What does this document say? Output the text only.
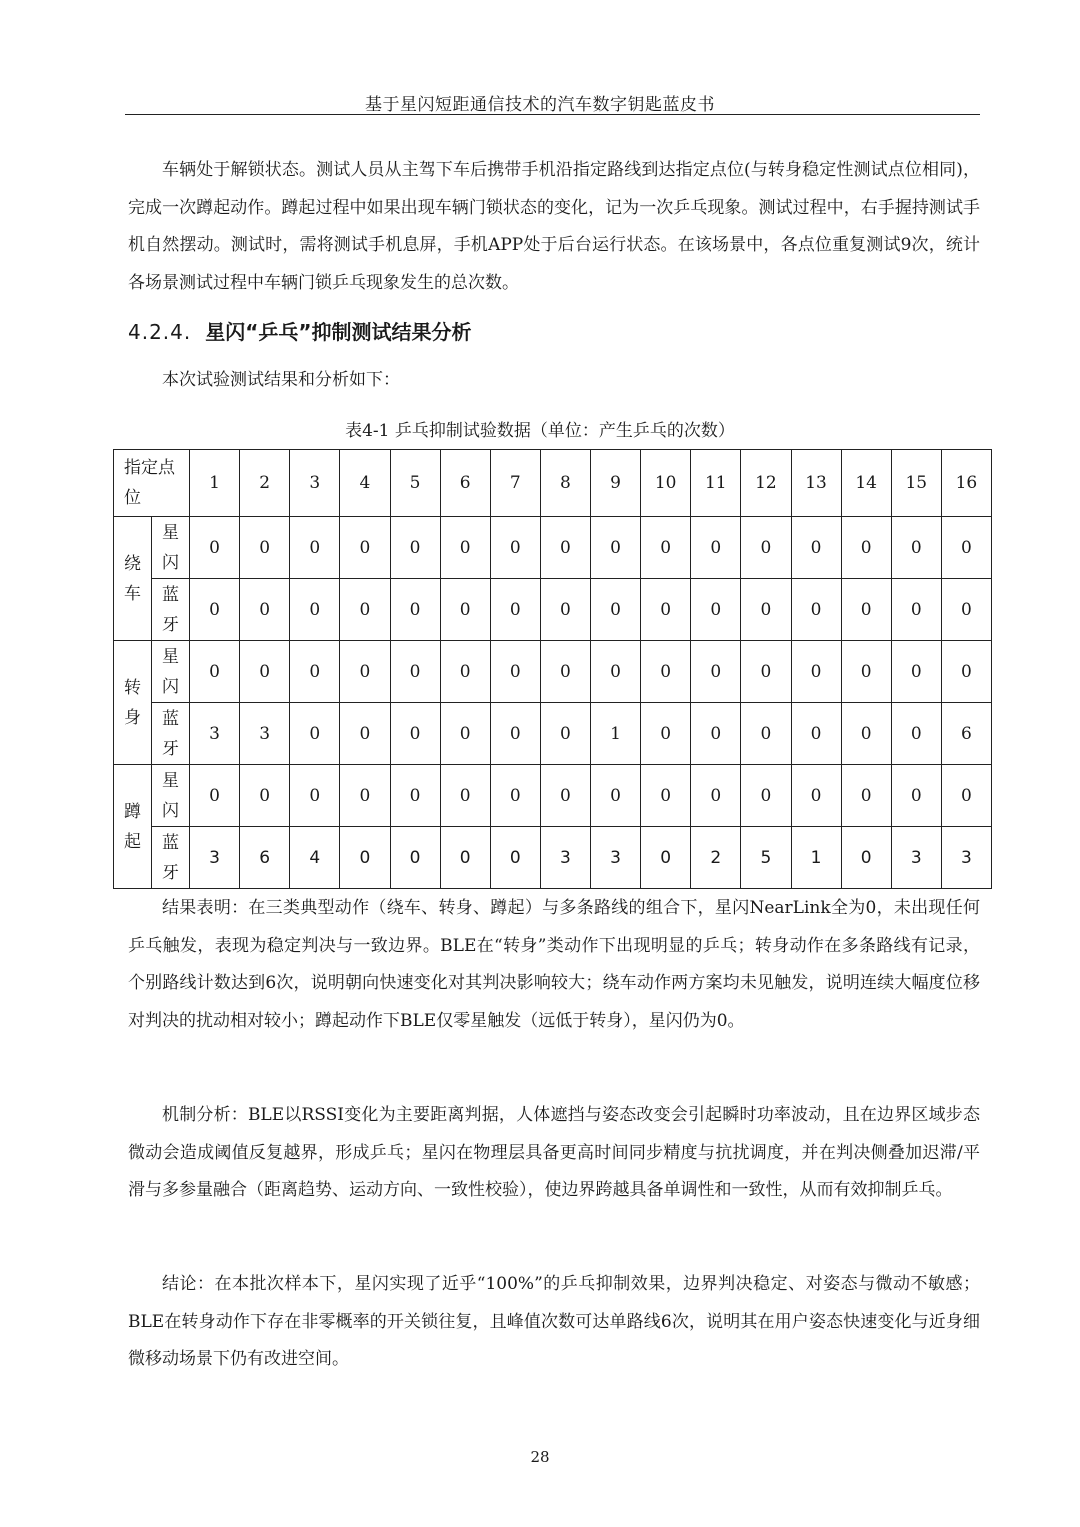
基于星闪短距通信技术的汽车数字钥匙蓝皮书
车辆处于解锁状态。测试人员从主驾下车后携带手机沿指定路线到达指定点位(与转身稳定性测试点位相同)，完成一次蹲起动作。蹲起过程中如果出现车辆门锁状态的变化，记为一次乒乓现象。测试过程中，右手握持测试手机自然摆动。测试时，需将测试手机息屏，手机APP处于后台运行状态。在该场景中，各点位重复测试9次，统计各场景测试过程中车辆门锁乒乓现象发生的总次数。
4.2.4. 星闪“乒乓”抑制测试结果分析
本次试验测试结果和分析如下：
表4-1 乒乓抑制试验数据（单位：产生乒乓的次数）
指定点位		1	2	3	4	5	6	7	8	9	10	11	12	13	14	15	16
绕车	星闪	0	0	0	0	0	0	0	0	0	0	0	0	0	0	0	0
	蓝牙	0	0	0	0	0	0	0	0	0	0	0	0	0	0	0	0
转身	星闪	0	0	0	0	0	0	0	0	0	0	0	0	0	0	0	0
	蓝牙	3	3	0	0	0	0	0	0	1	0	0	0	0	0	0	6
蹲起	星闪	0	0	0	0	0	0	0	0	0	0	0	0	0	0	0	0
	蓝牙	3	6	4	0	0	0	0	3	3	0	2	5	1	0	3	3
结果表明：在三类典型动作（绕车、转身、蹲起）与多条路线的组合下，星闪NearLink全为0，未出现任何乒乓触发，表现为稳定判决与一致边界。BLE在“转身”类动作下出现明显的乒乓；转身动作在多条路线有记录，个别路线计数达到6次，说明朝向快速变化对其判决影响较大；绕车动作两方案均未见触发，说明连续大幅度位移对判决的扰动相对较小；蹲起动作下BLE仅零星触发（远低于转身），星闪仍为0。
机制分析：BLE以RSSI变化为主要距离判据，人体遮挡与姿态改变会引起瞬时功率波动，且在边界区域步态微动会造成阈值反复越界，形成乒乓；星闪在物理层具备更高时间同步精度与抗扰调度，并在判决侧叠加迟滞/平滑与多参量融合（距离趋势、运动方向、一致性校验），使边界跨越具备单调性和一致性，从而有效抑制乒乓。
结论：在本批次样本下，星闪实现了近乎“100%”的乒乓抑制效果，边界判决稳定、对姿态与微动不敏感；BLE在转身动作下存在非零概率的开关锁往复，且峰值次数可达单路线6次，说明其在用户姿态快速变化与近身细微移动场景下仍有改进空间。
28
